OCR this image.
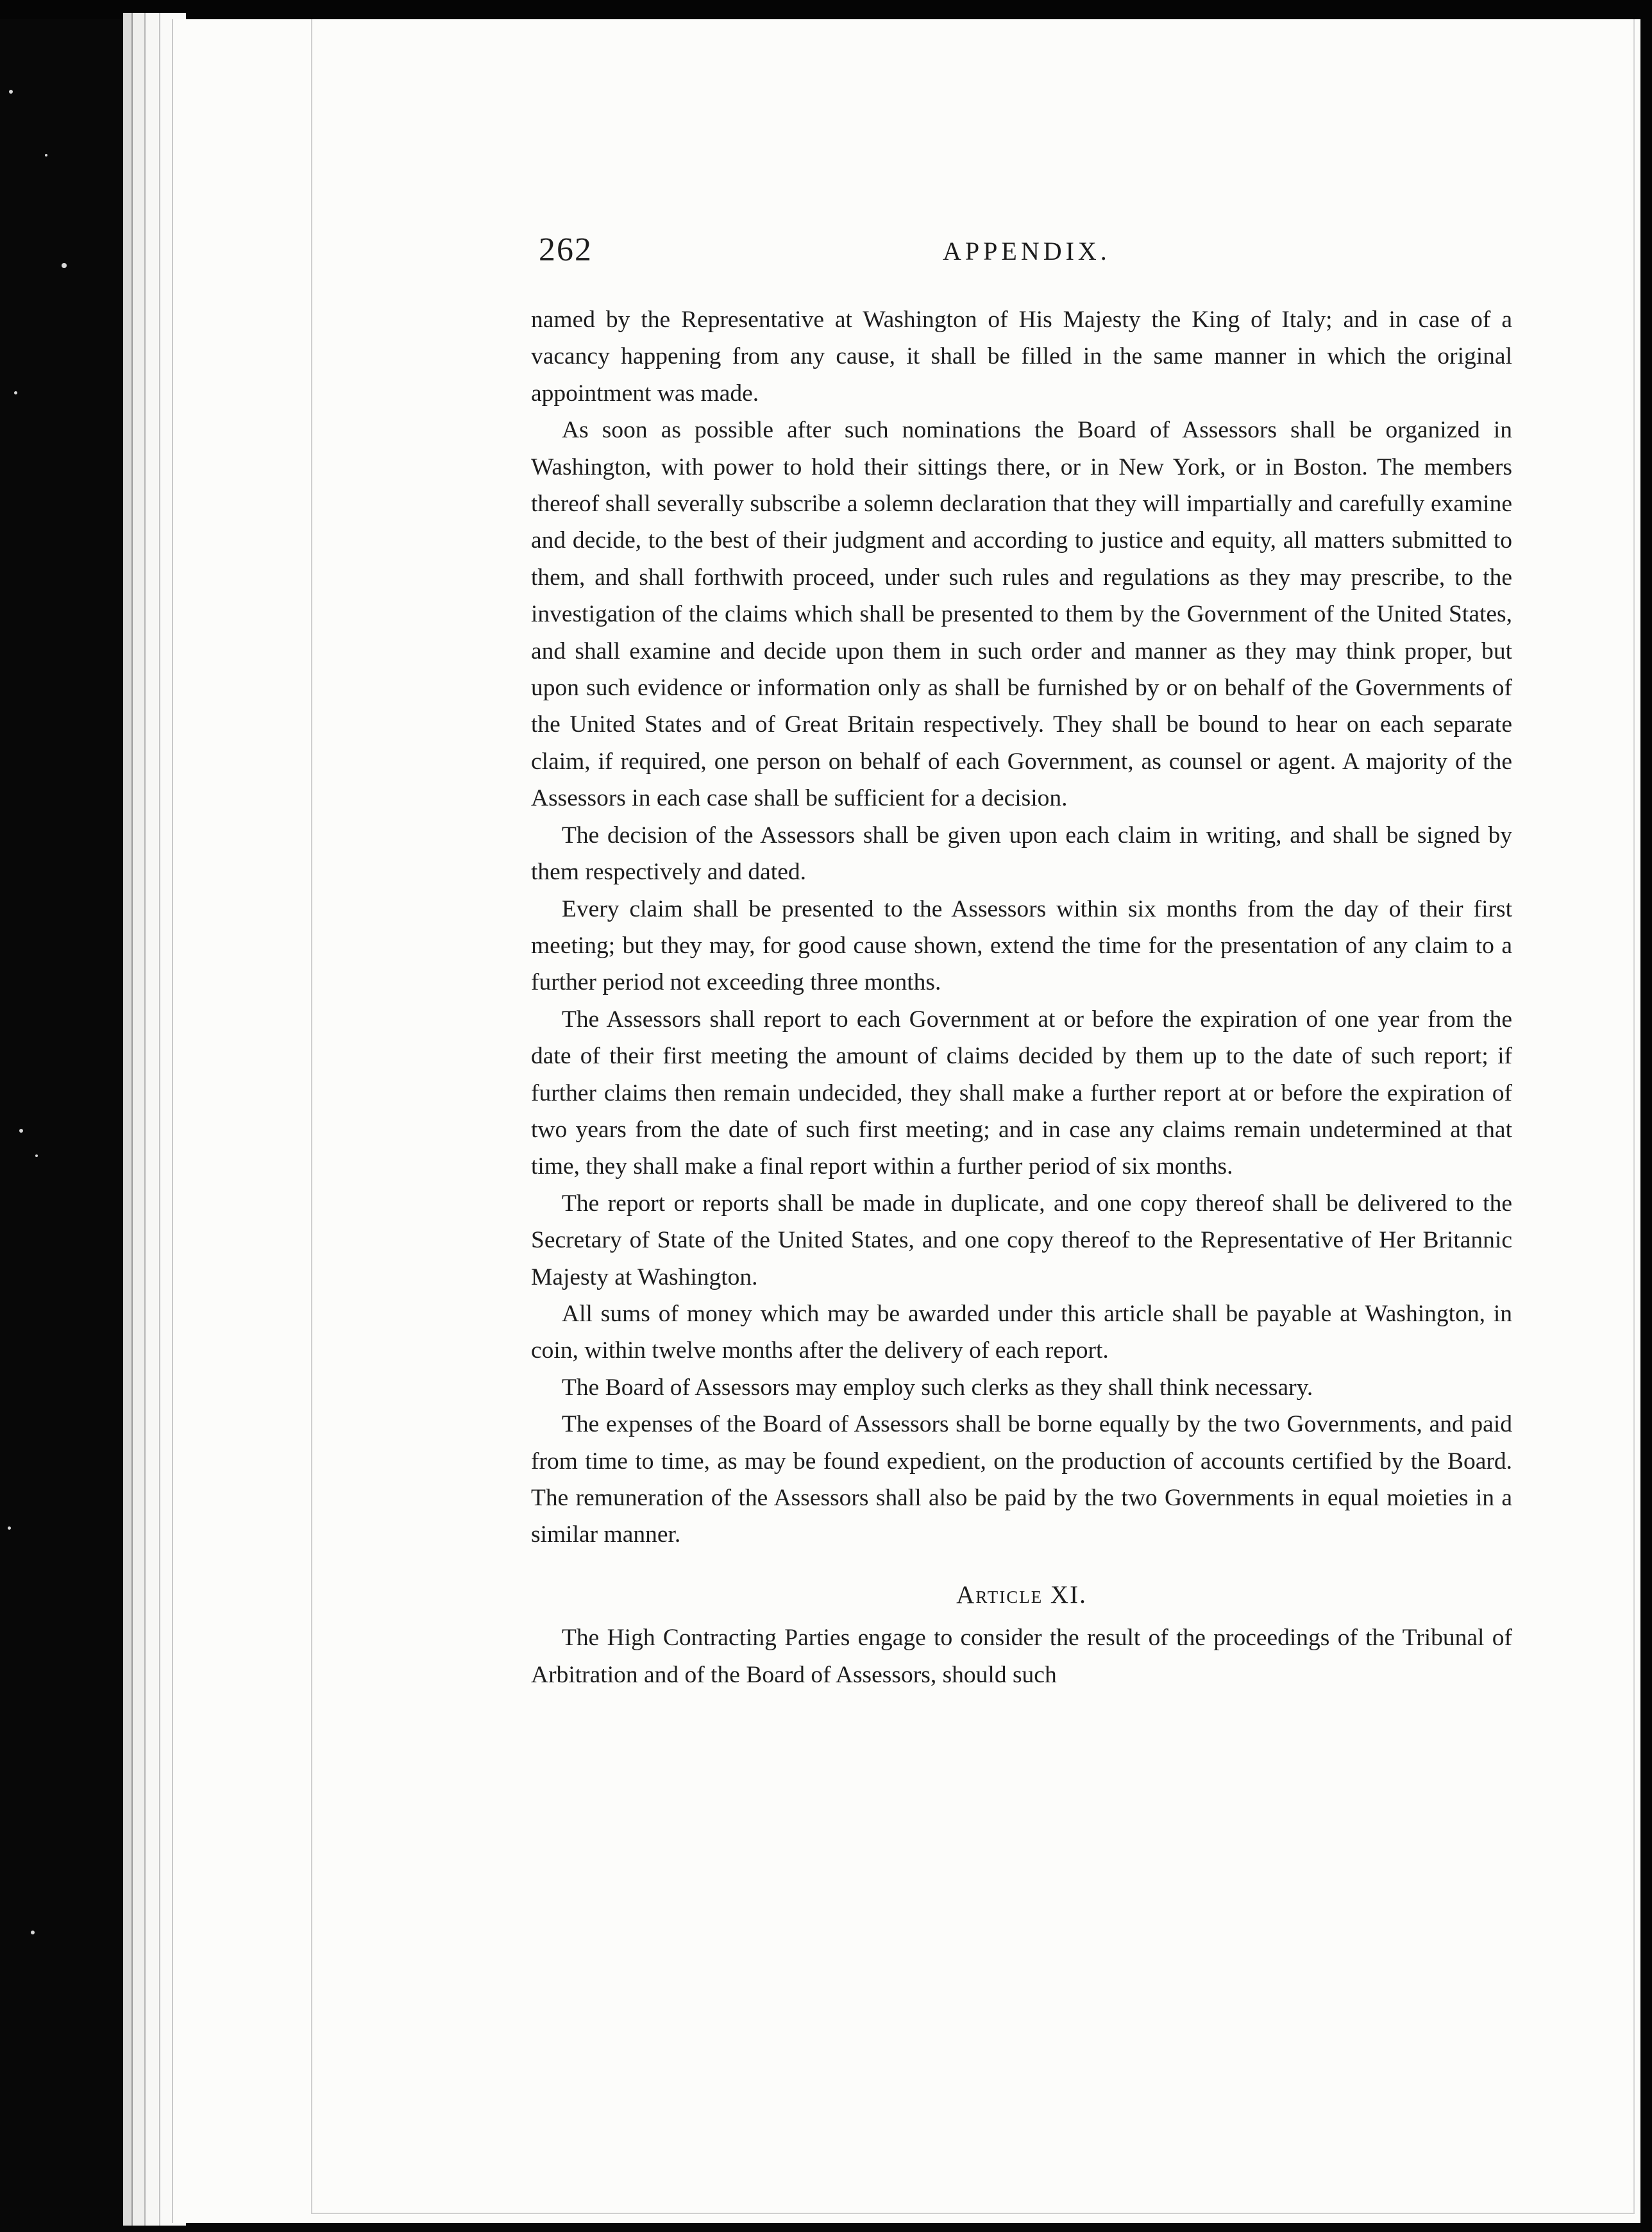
262	APPENDIX.

named by the Representative at Washington of His Majesty the King of Italy; and in case of a vacancy happening from any cause, it shall be filled in the same manner in which the original appointment was made.

As soon as possible after such nominations the Board of Assessors shall be organized in Washington, with power to hold their sittings there, or in New York, or in Boston. The members thereof shall severally subscribe a solemn declaration that they will impartially and carefully examine and decide, to the best of their judgment and according to justice and equity, all matters submitted to them, and shall forthwith proceed, under such rules and regulations as they may prescribe, to the investigation of the claims which shall be presented to them by the Government of the United States, and shall examine and decide upon them in such order and manner as they may think proper, but upon such evidence or information only as shall be furnished by or on behalf of the Governments of the United States and of Great Britain respectively. They shall be bound to hear on each separate claim, if required, one person on behalf of each Government, as counsel or agent. A majority of the Assessors in each case shall be sufficient for a decision.

The decision of the Assessors shall be given upon each claim in writing, and shall be signed by them respectively and dated.

Every claim shall be presented to the Assessors within six months from the day of their first meeting; but they may, for good cause shown, extend the time for the presentation of any claim to a further period not exceeding three months.

The Assessors shall report to each Government at or before the expiration of one year from the date of their first meeting the amount of claims decided by them up to the date of such report; if further claims then remain undecided, they shall make a further report at or before the expiration of two years from the date of such first meeting; and in case any claims remain undetermined at that time, they shall make a final report within a further period of six months.

The report or reports shall be made in duplicate, and one copy thereof shall be delivered to the Secretary of State of the United States, and one copy thereof to the Representative of Her Britannic Majesty at Washington.

All sums of money which may be awarded under this article shall be payable at Washington, in coin, within twelve months after the delivery of each report.

The Board of Assessors may employ such clerks as they shall think necessary.

The expenses of the Board of Assessors shall be borne equally by the two Governments, and paid from time to time, as may be found expedient, on the production of accounts certified by the Board. The remuneration of the Assessors shall also be paid by the two Governments in equal moieties in a similar manner.

Article XI.

The High Contracting Parties engage to consider the result of the proceedings of the Tribunal of Arbitration and of the Board of Assessors, should such
